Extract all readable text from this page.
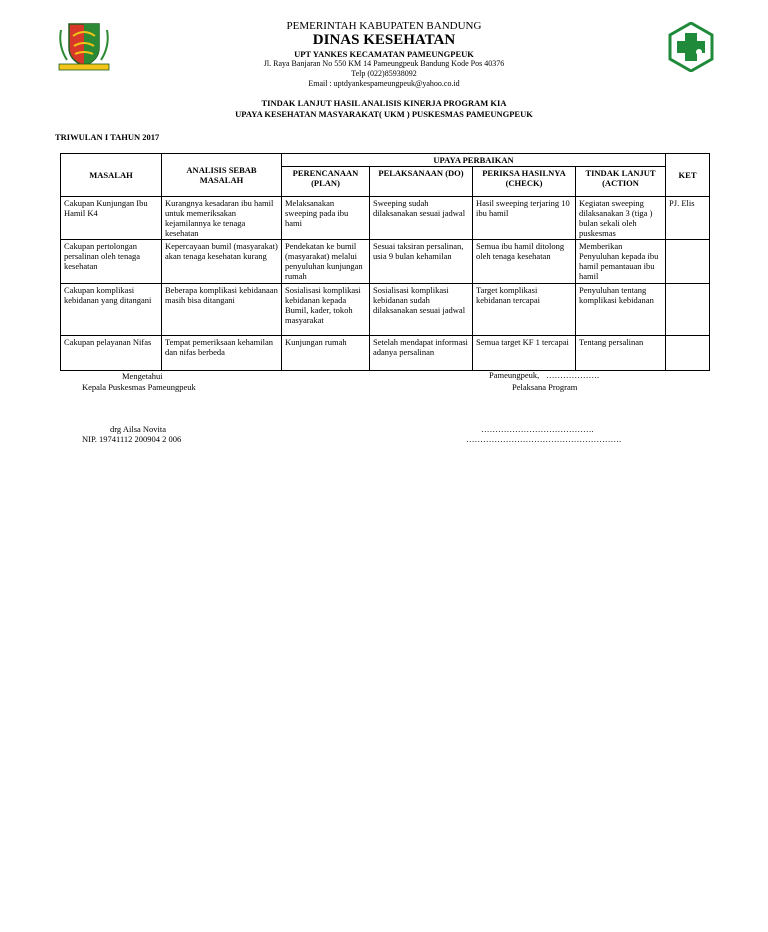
PEMERINTAH KABUPATEN BANDUNG
DINAS KESEHATAN
UPT YANKES KECAMATAN PAMEUNGPEUK
Jl. Raya Banjaran No 550 KM 14 Pameungpeuk Bandung Kode Pos 40376
Telp (022)85938092
Email : uptdyankespameungpeuk@yahoo.co.id
TINDAK LANJUT HASIL ANALISIS KINERJA PROGRAM KIA
UPAYA KESEHATAN MASYARAKAT( UKM ) PUSKESMAS PAMEUNGPEUK
TRIWULAN I TAHUN 2017
MASALAH	ANALISIS SEBAB MASALAH	UPAYA PERBAIKAN				KET
		PERENCANAAN (PLAN)	PELAKSANAAN (DO)	PERIKSA HASILNYA (CHECK)	TINDAK LANJUT (ACTION	
Cakupan Kunjungan Ibu Hamil K4	Kurangnya kesadaran ibu hamil untuk memeriksakan kejamilannya ke tenaga kesehatan	Melaksanakan sweeping pada ibu hami	Sweeping sudah dilaksanakan sesuai jadwal	Hasil sweeping terjaring 10 ibu hamil	Kegiatan sweeping dilaksanakan 3 (tiga ) bulan sekali oleh puskesmas	PJ. Elis
Cakupan pertolongan persalinan oleh tenaga kesehatan	Kepercayaan bumil (masyarakat) akan tenaga kesehatan kurang	Pendekatan ke bumil (masyarakat) melalui penyuluhan kunjungan rumah	Sesuai taksiran persalinan, usia 9 bulan kehamilan	Semua ibu hamil ditolong oleh tenaga kesehatan	Memberikan Penyuluhan kepada ibu hamil pemantauan ibu hamil	
Cakupan komplikasi kebidanan yang ditangani	Beberapa komplikasi kebidanaan masih bisa ditangani	Sosialisasi komplikasi kebidanan kepada Bumil, kader, tokoh masyarakat	Sosialisasi komplikasi kebidanan sudah dilaksanakan sesuai jadwal	Target komplikasi kebidanan tercapai	Penyuluhan tentang komplikasi kebidanan	
Cakupan pelayanan Nifas	Tempat pemeriksaan kehamilan dan nifas berbeda	Kunjungan rumah	Setelah mendapat informasi adanya persalinan	Semua target KF 1 tercapai	Tentang persalinan	
Mengetahui
Kepala Puskesmas Pameungpeuk
drg Ailsa Novita
NIP. 19741112 200904 2 006
Pameungpeuk, ……………….
Pelaksana Program
………………………………….
……………………………………………….
